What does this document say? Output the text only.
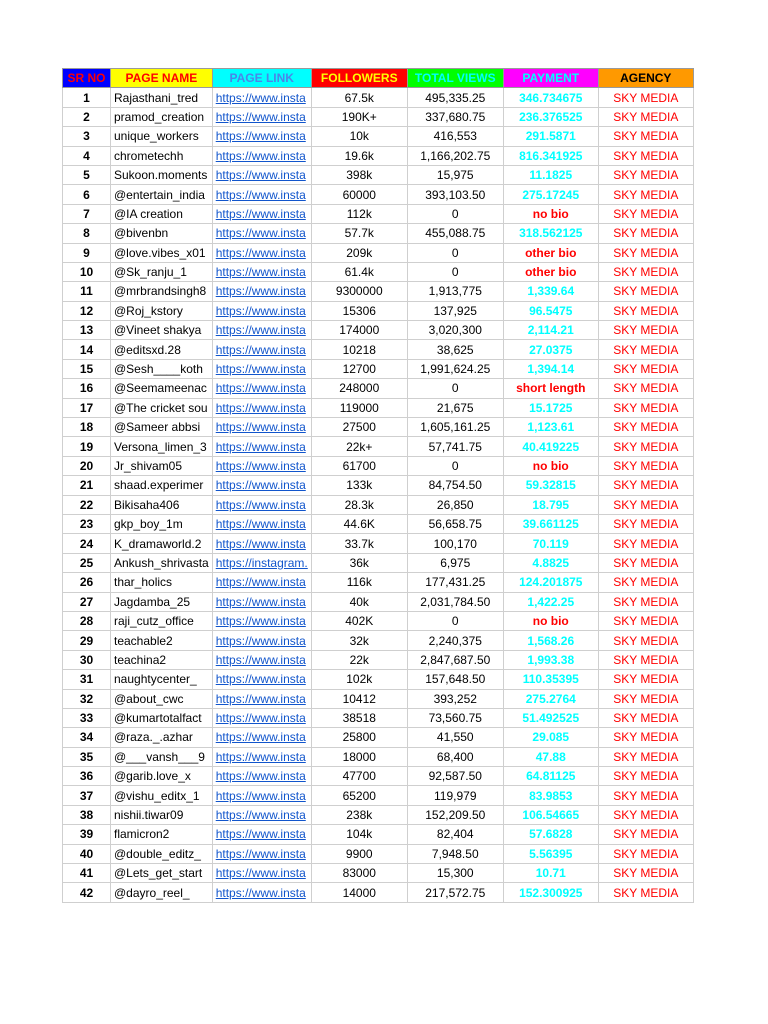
SR NO	PAGE NAME	PAGE LINK	FOLLOWERS	TOTAL VIEWS	PAYMENT	AGENCY
1	Rajasthani_tred	https://www.insta	67.5k	495,335.25	346.734675	SKY MEDIA
2	pramod_creation	https://www.insta	190K+	337,680.75	236.376525	SKY MEDIA
3	unique_workers	https://www.insta	10k	416,553	291.5871	SKY MEDIA
4	chrometechh	https://www.insta	19.6k	1,166,202.75	816.341925	SKY MEDIA
5	Sukoon.moments	https://www.insta	398k	15,975	11.1825	SKY MEDIA
6	@entertain_india	https://www.insta	60000	393,103.50	275.17245	SKY MEDIA
7	@IA creation	https://www.insta	112k	0	no bio	SKY MEDIA
8	@bivenbn	https://www.insta	57.7k	455,088.75	318.562125	SKY MEDIA
9	@love.vibes_x01	https://www.insta	209k	0	other bio	SKY MEDIA
10	@Sk_ranju_1	https://www.insta	61.4k	0	other bio	SKY MEDIA
11	@mrbrandsingh8	https://www.insta	9300000	1,913,775	1,339.64	SKY MEDIA
12	@Roj_kstory	https://www.insta	15306	137,925	96.5475	SKY MEDIA
13	@Vineet shakya	https://www.insta	174000	3,020,300	2,114.21	SKY MEDIA
14	@editsxd.28	https://www.insta	10218	38,625	27.0375	SKY MEDIA
15	@Sesh____koth	https://www.insta	12700	1,991,624.25	1,394.14	SKY MEDIA
16	@Seemameenac	https://www.insta	248000	0	short length	SKY MEDIA
17	@The cricket sou	https://www.insta	119000	21,675	15.1725	SKY MEDIA
18	@Sameer abbsi	https://www.insta	27500	1,605,161.25	1,123.61	SKY MEDIA
19	Versona_limen_3	https://www.insta	22k+	57,741.75	40.419225	SKY MEDIA
20	Jr_shivam05	https://www.insta	61700	0	no bio	SKY MEDIA
21	shaad.experimer	https://www.insta	133k	84,754.50	59.32815	SKY MEDIA
22	Bikisaha406	https://www.insta	28.3k	26,850	18.795	SKY MEDIA
23	gkp_boy_1m	https://www.insta	44.6K	56,658.75	39.661125	SKY MEDIA
24	K_dramaworld.2	https://www.insta	33.7k	100,170	70.119	SKY MEDIA
25	Ankush_shrivasta	https://instagram.	36k	6,975	4.8825	SKY MEDIA
26	thar_holics	https://www.insta	116k	177,431.25	124.201875	SKY MEDIA
27	Jagdamba_25	https://www.insta	40k	2,031,784.50	1,422.25	SKY MEDIA
28	raji_cutz_office	https://www.insta	402K	0	no bio	SKY MEDIA
29	teachable2	https://www.insta	32k	2,240,375	1,568.26	SKY MEDIA
30	teachina2	https://www.insta	22k	2,847,687.50	1,993.38	SKY MEDIA
31	naughtycenter_	https://www.insta	102k	157,648.50	110.35395	SKY MEDIA
32	@about_cwc	https://www.insta	10412	393,252	275.2764	SKY MEDIA
33	@kumartotalfact	https://www.insta	38518	73,560.75	51.492525	SKY MEDIA
34	@raza._.azhar	https://www.insta	25800	41,550	29.085	SKY MEDIA
35	@___vansh___9	https://www.insta	18000	68,400	47.88	SKY MEDIA
36	@garib.love_x	https://www.insta	47700	92,587.50	64.81125	SKY MEDIA
37	@vishu_editx_1	https://www.insta	65200	119,979	83.9853	SKY MEDIA
38	nishii.tiwar09	https://www.insta	238k	152,209.50	106.54665	SKY MEDIA
39	flamicron2	https://www.insta	104k	82,404	57.6828	SKY MEDIA
40	@double_editz_	https://www.insta	9900	7,948.50	5.56395	SKY MEDIA
41	@Lets_get_start	https://www.insta	83000	15,300	10.71	SKY MEDIA
42	@dayro_reel_	https://www.insta	14000	217,572.75	152.300925	SKY MEDIA
